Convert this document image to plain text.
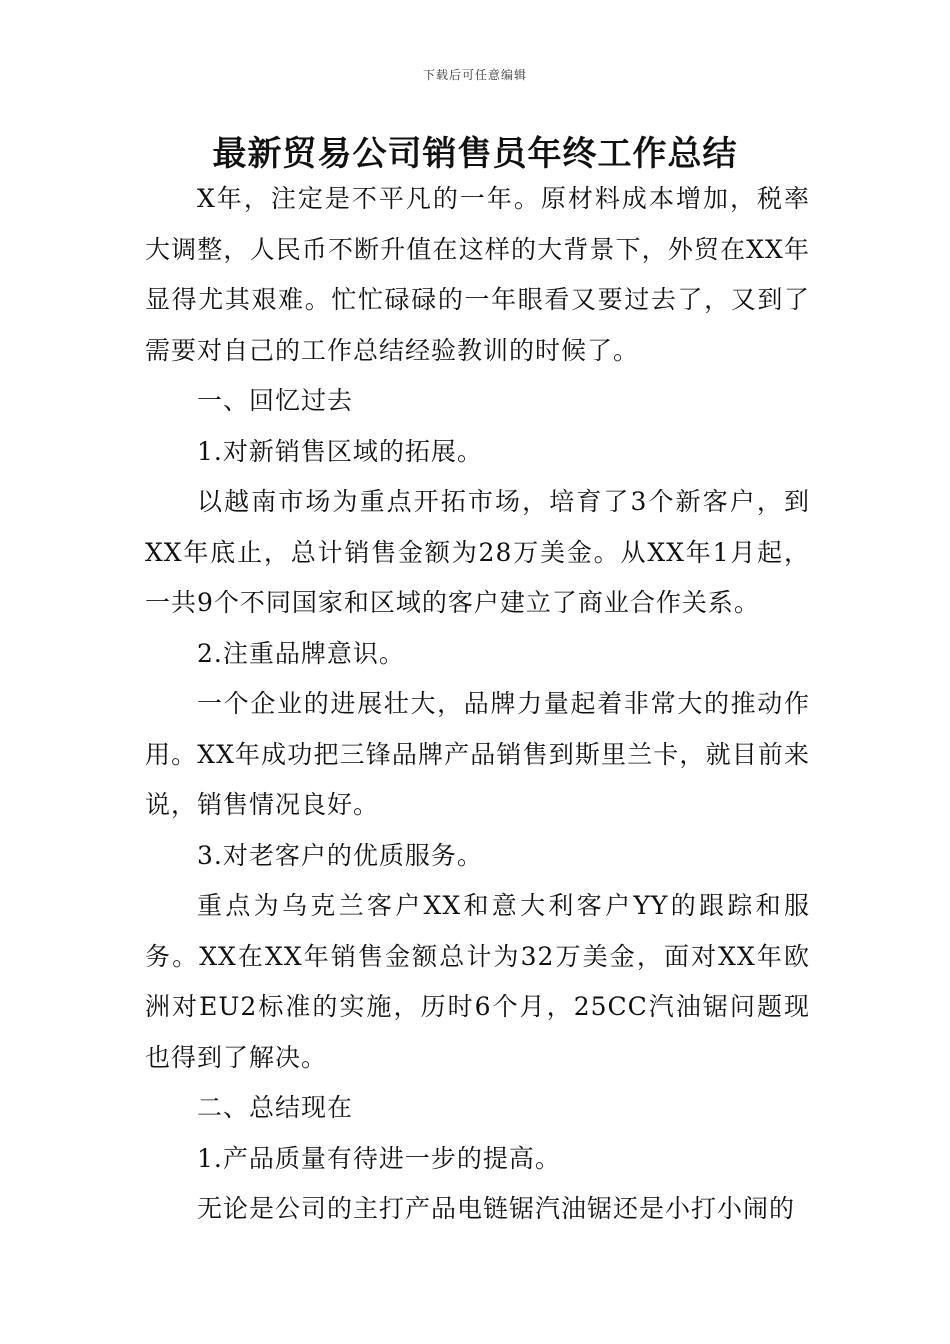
下载后可任意编辑
最新贸易公司销售员年终工作总结

X年，注定是不平凡的一年。原材料成本增加，税率大调整，人民币不断升值在这样的大背景下，外贸在XX年显得尤其艰难。忙忙碌碌的一年眼看又要过去了，又到了需要对自己的工作总结经验教训的时候了。

一、回忆过去

1.对新销售区域的拓展。

以越南市场为重点开拓市场，培育了3个新客户，到XX年底止，总计销售金额为28万美金。从XX年1月起，一共9个不同国家和区域的客户建立了商业合作关系。

2.注重品牌意识。

一个企业的进展壮大，品牌力量起着非常大的推动作用。XX年成功把三锋品牌产品销售到斯里兰卡，就目前来说，销售情况良好。

3.对老客户的优质服务。

重点为乌克兰客户XX和意大利客户YY的跟踪和服务。XX在XX年销售金额总计为32万美金，面对XX年欧洲对EU2标准的实施，历时6个月，25CC汽油锯问题现也得到了解决。

二、总结现在

1.产品质量有待进一步的提高。

无论是公司的主打产品电链锯汽油锯还是小打小闹的
